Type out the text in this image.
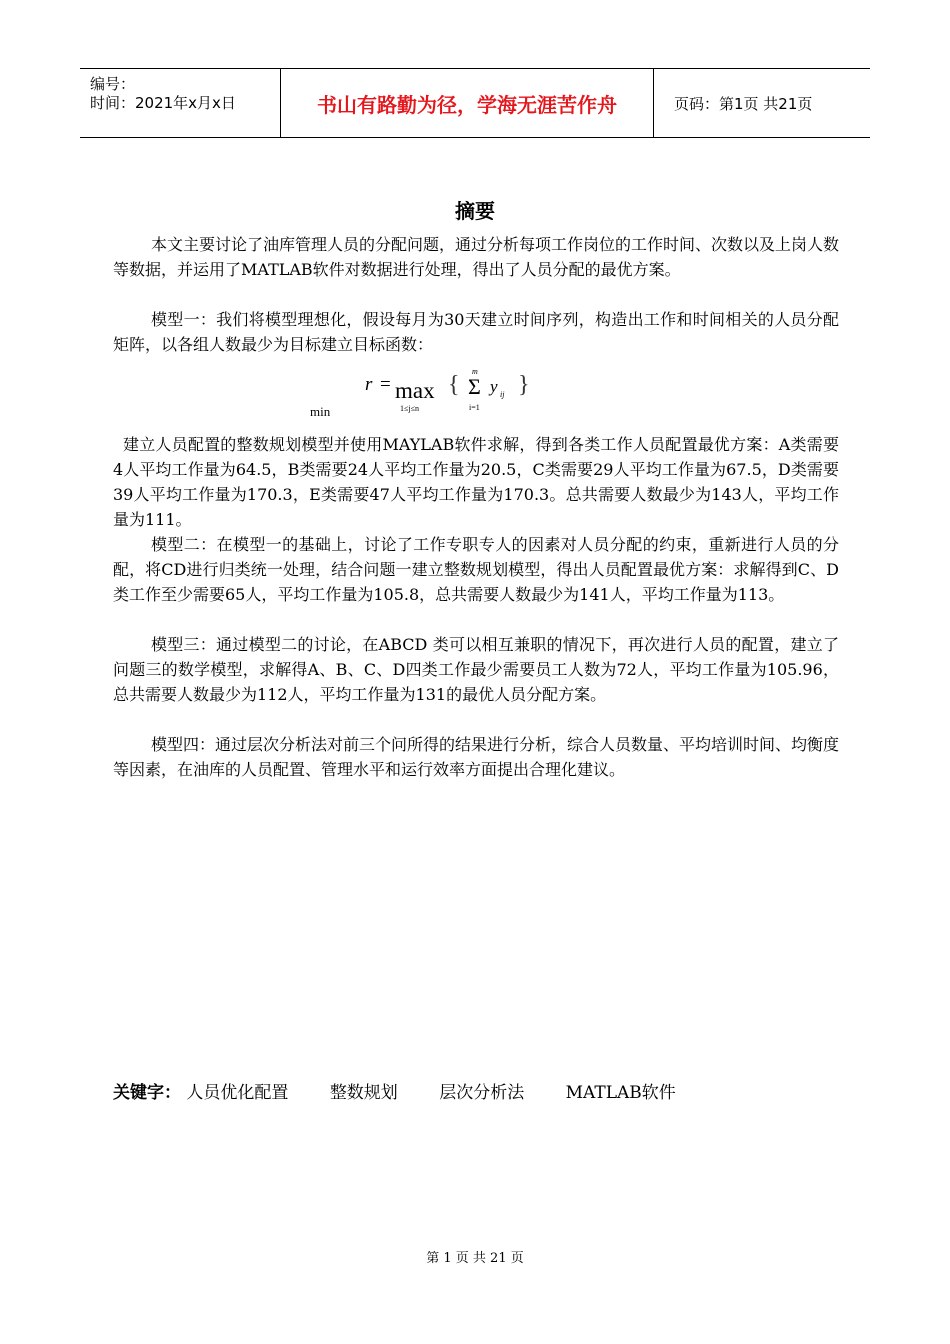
编号：
时间：2021年x月x日	书山有路勤为径，学海无涯苦作舟	页码：第1页 共21页
摘要

本文主要讨论了油库管理人员的分配问题，通过分析每项工作岗位的工作时间、次数以及上岗人数等数据，并运用了MATLAB软件对数据进行处理，得出了人员分配的最优方案。

模型一：我们将模型理想化，假设每月为30天建立时间序列，构造出工作和时间相关的人员分配矩阵，以各组人数最少为目标建立目标函数：

r
min
= max
1≤j≤n
{
m
Σ
i=1
y ij }

建立人员配置的整数规划模型并使用MAYLAB软件求解，得到各类工作人员配置最优方案：A类需要4人平均工作量为64.5，B类需要24人平均工作量为20.5，C类需要29人平均工作量为67.5，D类需要39人平均工作量为170.3，E类需要47人平均工作量为170.3。总共需要人数最少为143人，平均工作量为111。

模型二：在模型一的基础上，讨论了工作专职专人的因素对人员分配的约束，重新进行人员的分配，将CD进行归类统一处理，结合问题一建立整数规划模型，得出人员配置最优方案：求解得到C、D类工作至少需要65人，平均工作量为105.8，总共需要人数最少为141人，平均工作量为113。

模型三：通过模型二的讨论，在ABCD 类可以相互兼职的情况下，再次进行人员的配置，建立了问题三的数学模型，求解得A、B、C、D四类工作最少需要员工人数为72人，平均工作量为105.96，总共需要人数最少为112人，平均工作量为131的最优人员分配方案。

模型四：通过层次分析法对前三个问所得的结果进行分析，综合人员数量、平均培训时间、均衡度等因素，在油库的人员配置、管理水平和运行效率方面提出合理化建议。

关键字： 人员优化配置 整数规划 层次分析法 MATLAB软件
第 1 页 共 21 页
